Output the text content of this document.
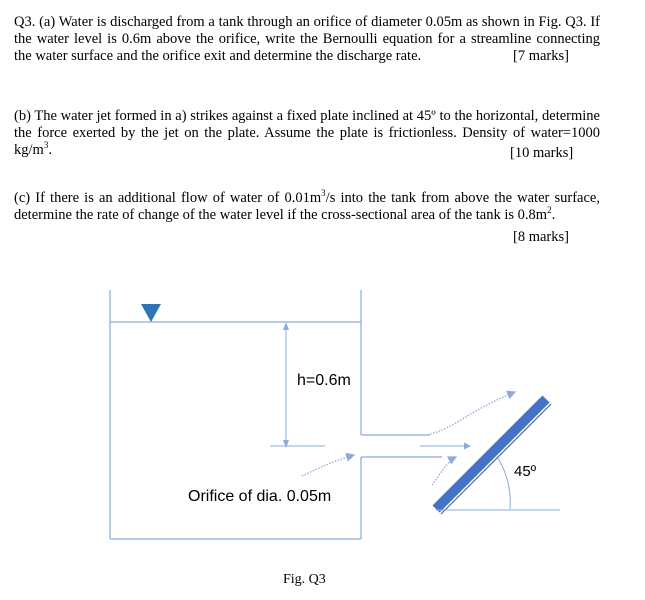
Q3. (a) Water is discharged from a tank through an orifice of diameter 0.05m as shown in Fig. Q3. If the water level is 0.6m above the orifice, write the Bernoulli equation for a streamline connecting the water surface and the orifice exit and determine the discharge rate.	[7 marks]
(b) The water jet formed in a) strikes against a fixed plate inclined at 45º to the horizontal, determine the force exerted by the jet on the plate. Assume the plate is frictionless. Density of water=1000 $kg/m^3$.	[10 marks]
(c) If there is an additional flow of water of $0.01m^3/s$ into the tank from above the water surface, determine the rate of change of the water level if the cross-sectional area of the tank is $0.8m^2$.
[8 marks]
h=0.6m
Orifice of dia. 0.05m
45º
Fig. Q3
